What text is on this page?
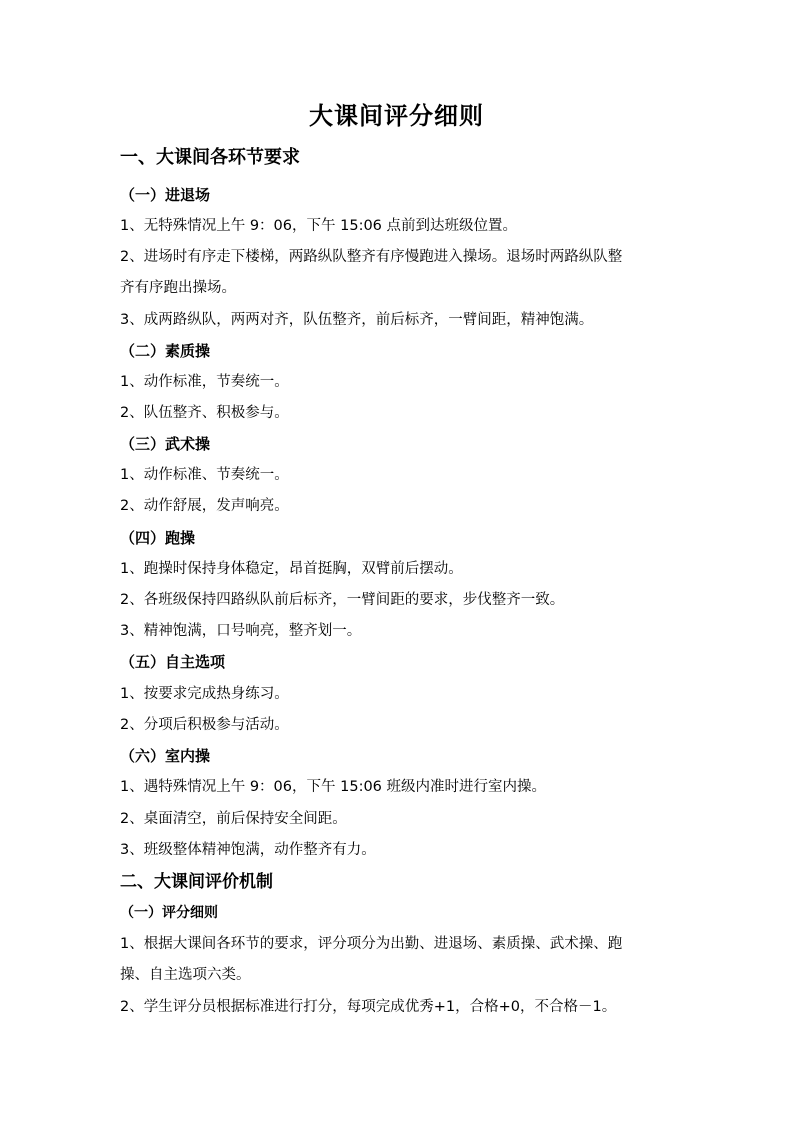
大课间评分细则
一、大课间各环节要求
（一）进退场
1、无特殊情况上午 9：06，下午 15:06 点前到达班级位置。
2、进场时有序走下楼梯，两路纵队整齐有序慢跑进入操场。退场时两路纵队整
齐有序跑出操场。
3、成两路纵队，两两对齐，队伍整齐，前后标齐，一臂间距，精神饱满。
（二）素质操
1、动作标准，节奏统一。
2、队伍整齐、积极参与。
（三）武术操
1、动作标准、节奏统一。
2、动作舒展，发声响亮。
（四）跑操
1、跑操时保持身体稳定，昂首挺胸，双臂前后摆动。
2、各班级保持四路纵队前后标齐，一臂间距的要求，步伐整齐一致。
3、精神饱满，口号响亮，整齐划一。
（五）自主选项
1、按要求完成热身练习。
2、分项后积极参与活动。
（六）室内操
1、遇特殊情况上午 9：06，下午 15:06 班级内准时进行室内操。
2、桌面清空，前后保持安全间距。
3、班级整体精神饱满，动作整齐有力。
二、大课间评价机制
（一）评分细则
1、根据大课间各环节的要求，评分项分为出勤、进退场、素质操、武术操、跑
操、自主选项六类。
2、学生评分员根据标准进行打分，每项完成优秀+1，合格+0，不合格－1。
